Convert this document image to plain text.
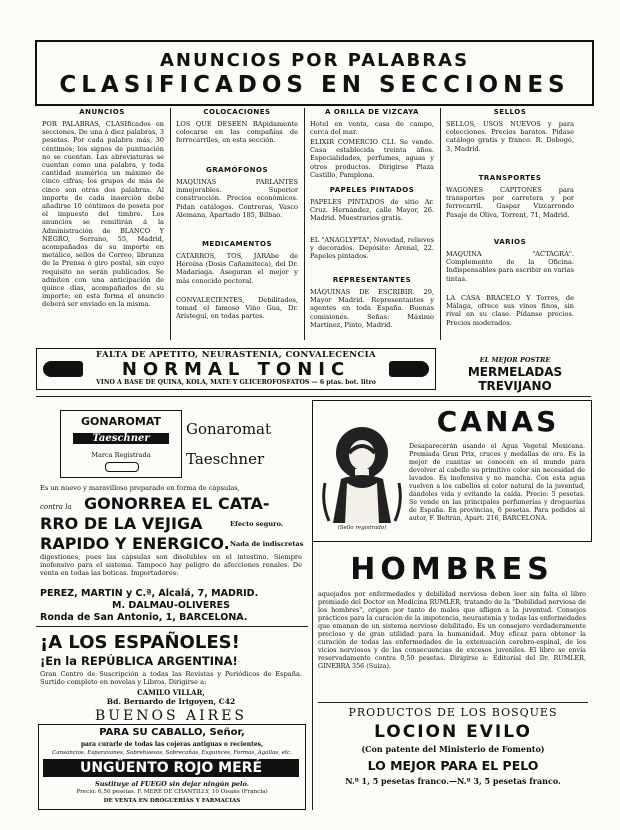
ANUNCIOS POR PALABRAS
CLASIFICADOS EN SECCIONES
ANUNCIOS
POR PALABRAS, CLASIficados en secciones. De una á diez palabras, 3 pesetas. Por cada palabra más, 30 céntimos; los signos de puntuación no se cuentan. Las abreviaturas se cuentan como una palabra, y toda cantidad numérica un máximo de cinco cifras; los grupos de más de cinco son otras dos palabras. Al importe de cada inserción debe añadirse 10 céntimos de peseta por el impuesto del timbre. Los anuncios se remitirán á la Administración de BLANCO Y NEGRO, Serrano, 55, Madrid, acompañados de su importe en metálico, sellos de Correo, libranza de la Prensa ó giro postal, sin cuyo requisito no serán publicados. Se admiten con una anticipación de quince días, acompañados de su importe; en esta forma el anuncio deberá ser enviado en la misma.
COLOCACIONES
LOS QUE DESEEN RApidamente colocarse en las compañías de ferrocarriles, en esta sección.
GRAMÓFONOS
MAQUINAS PARLANTES inmejorables. Superior construcción. Precios económicos. Pidan catálogos. Contreras, Vasco Alemana, Apartado 185, Bilbao.
MEDICAMENTOS
CATARROS, TOS, JARAbe de Heroína (Dosis Cañamiteca), del Dr. Madariaga. Aseguran el mejor y más conocido pectoral.
CONVALECIENTES, Debilitados, tomad el famoso Vino Gua, Dr. Arístegui, en todas partes.
A ORILLA DE VIZCAYA
Hotel en venta, casa de campo, cerca del mar.
ELIXIR COMERCIO CLI. Se vende. Casa establecida treinta años. Especialidades, perfumes, aguas y otros productos. Dirigirse Plaza Castillo, Pamplona.
PAPELES PINTADOS
PAPELES PINTADOS de sitio Ar. Cruz. Hernández, calle Mayor, 26. Madrid. Muestrarios gratis.
EL "ANAGLYPTA", Novedad, relieves y decorados. Depósito: Arenal, 22. Papeles pintados.
REPRESENTANTES
MÁQUINAS DE ESCRIBIR. 29, Mayor Madrid. Representantes y agentes en toda España. Buenas comisiones. Señas: Máximo Martínez, Pinto, Madrid.
SELLOS
SELLOS, USOS NUEVOS y para colecciones. Precios baratos. Pídase catálogo gratis y franco. R. Dobogó, 3, Madrid.
TRANSPORTES
WAGONES CAPITONÉS para transportes por carretera y por ferrocarril. Gaspar Vizcarrondo Pasaje de Oliva, Torrent, 71, Madrid.
VARIOS
MAQUINA "ACTAGRA". Complemento de la Oficina. Indispensables para escribir en varias tintas.
LA CASA BRACELO Y Torres, de Málaga, ofrece sus vinos finos, sin rival en su clase. Pídanse precios. Precios moderados.
FALTA DE APETITO, NEURASTENIA, CONVALECENCIA
NORMAL TONIC
VINO A BASE DE QUINA, KOLA, MATE Y GLICEROFOSFATOS — 6 ptas. bot. litro
EL MEJOR POSTRE
MERMELADAS
TREVIJANO
GONAROMAT
Taeschner
Marca Registrada
Gonaromat
Taeschner
Es un nuevo y maravilloso preparado en forma de cápsulas,
contra la GONORREA EL CATA-
RRO DE LA VEJIGA
RAPIDO Y ENERGICO.
Efecto seguro.
Nada de indiscretas
digestiones, pues las cápsulas son disolubles en el intestino. Siempre inofensivo para el sistema. Tampoco hay peligro de afecciones renales. De venta en todas las boticas. Importadores:
PEREZ, MARTIN y C.ª, Alcalá, 7, MADRID.
M. DALMAU-OLIVERES
Ronda de San Antonio, 1, BARCELONA.
¡A LOS ESPAÑOLES!
¡En la REPÚBLICA ARGENTINA!
Gran Centro de Suscripción a todas las Revistas y Periódicos de España. Surtido completo en novelas y Libros. Dirigirse a:
CAMILO VILLAR,
Bd. Bernardo de Irigoyen, C42
BUENOS AIRES
PARA SU CABALLO, Señor,
para curarle de todas las cojeras antiguas o recientes,
Cansancios, Esparavanes, Sobrehuesos, Sobrecañas, Esguinces, Formas, Agallas, etc.
UNGÜENTO ROJO MERÉ
Sustituye al FUEGO sin dejar ningún pelo.
Precio: 6,50 pesetas. F. MERÉ DE CHANTILLY, 10 Oisans (Francia)
DE VENTA EN DROGUERÍAS Y FARMACIAS
CANAS
(Sello registrado)
Desaparecerán usando el Agua Vegetal Mexicana. Premiada Gran Prix, cruces y medallas de oro. Es la mejor de cuantas se conocen en el mundo para devolver al cabello su primitivo color sin necesidad de lavados. Es inofensiva y no mancha. Con esta agua vuelven a los cabellos el color natural de la juventud, dándoles vida y evitando la caída. Precio: 5 pesetas. Se vende en las principales perfumerías y droguerías de España. En provincias, 6 pesetas. Para pedidos al autor, F. Beltrán, Apart. 216, BARCELONA.
HOMBRES
aquejados por enfermedades y debilidad nerviosa deben leer sin falta el libro premiado del Doctor en Medicina RUMLER, tratando de la "Debilidad nerviosa de los hombres", origen por tanto de males que afligen a la juventud. Consejos prácticos para la curación de la impotencia, neurastenia y todas las enfermedades que emanan de un sistema nervioso debilitado. Es un consejero verdaderamente precioso y de gran utilidad para la humanidad. Muy eficaz para obtener la curación de todas las enfermedades de la extenuación cerebro-espinal, de los vicios nerviosos y de las consecuencias de excesos juveniles. El libro se envía reservadamente contra 0,50 pesetas. Dirigirse a: Editorial del Dr. RUMLER, GINEBRA 356 (Suiza).
PRODUCTOS DE LOS BOSQUES
LOCION EVILO
(Con patente del Ministerio de Fomento)
LO MEJOR PARA EL PELO
N.º 1, 5 pesetas franco.—N.º 3, 5 pesetas franco.
